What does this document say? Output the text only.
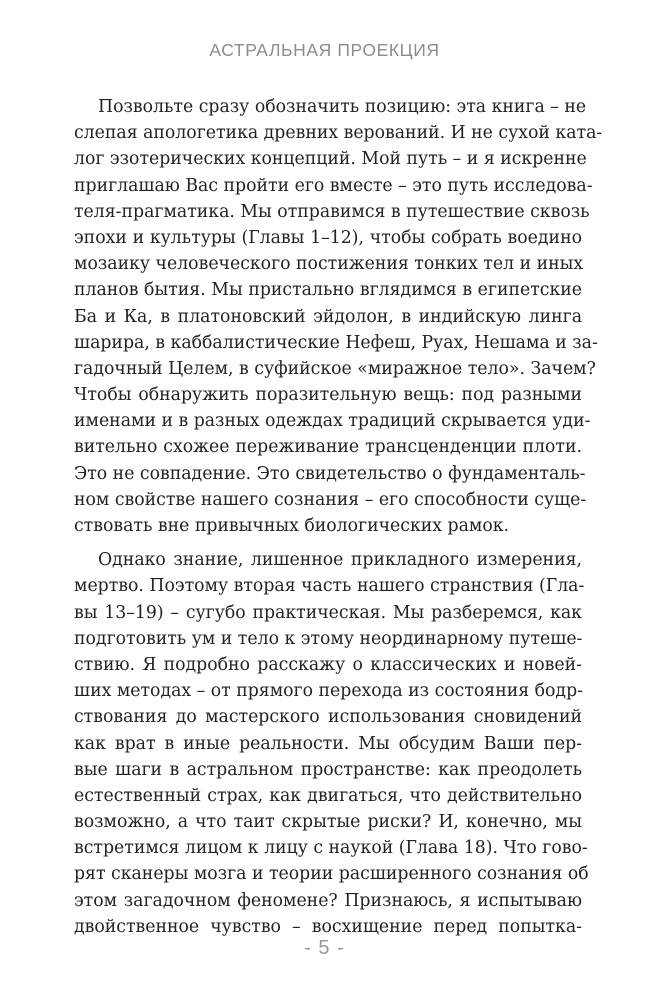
АСТРАЛЬНАЯ ПРОЕКЦИЯ
Позвольте сразу обозначить позицию: эта книга – не
слепая апологетика древних верований. И не сухой ката-
лог эзотерических концепций. Мой путь – и я искренне
приглашаю Вас пройти его вместе – это путь исследова-
теля-прагматика. Мы отправимся в путешествие сквозь
эпохи и культуры (Главы 1–12), чтобы собрать воедино
мозаику человеческого постижения тонких тел и иных
планов бытия. Мы пристально вглядимся в египетские
Ба и Ка, в платоновский эйдолон, в индийскую линга
шарира, в каббалистические Нефеш, Руах, Нешама и за-
гадочный Целем, в суфийское «миражное тело». Зачем?
Чтобы обнаружить поразительную вещь: под разными
именами и в разных одеждах традиций скрывается уди-
вительно схожее переживание трансценденции плоти.
Это не совпадение. Это свидетельство о фундаменталь-
ном свойстве нашего сознания – его способности суще-
ствовать вне привычных биологических рамок.
Однако знание, лишенное прикладного измерения,
мертво. Поэтому вторая часть нашего странствия (Гла-
вы 13–19) – сугубо практическая. Мы разберемся, как
подготовить ум и тело к этому неординарному путеше-
ствию. Я подробно расскажу о классических и новей-
ших методах – от прямого перехода из состояния бодр-
ствования до мастерского использования сновидений
как врат в иные реальности. Мы обсудим Ваши пер-
вые шаги в астральном пространстве: как преодолеть
естественный страх, как двигаться, что действительно
возможно, а что таит скрытые риски? И, конечно, мы
встретимся лицом к лицу с наукой (Глава 18). Что гово-
рят сканеры мозга и теории расширенного сознания об
этом загадочном феномене? Признаюсь, я испытываю
двойственное чувство – восхищение перед попытка-
- 5 -
